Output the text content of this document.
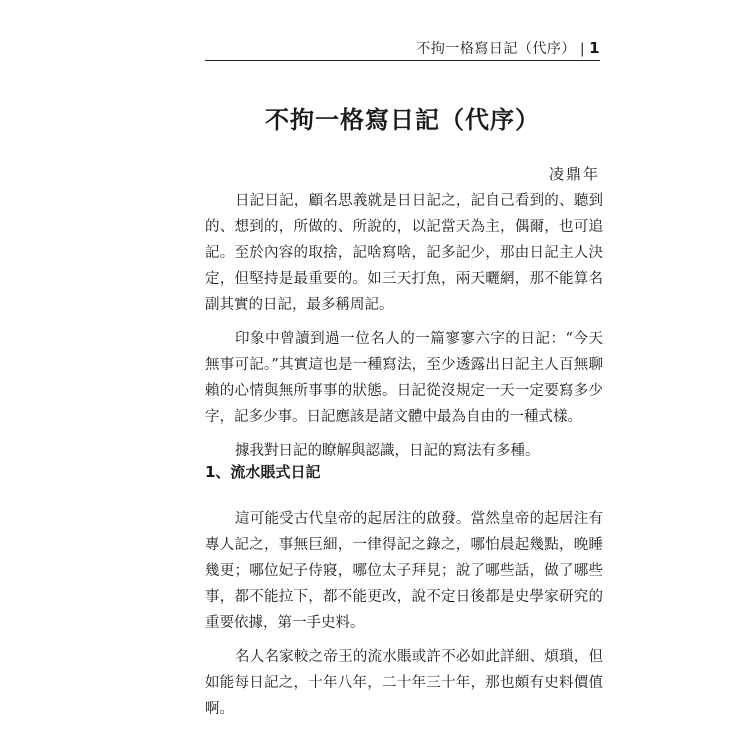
不拘一格寫日記（代序） | 1
不拘一格寫日記（代序）
凌鼎年

日記日記，顧名思義就是日日記之，記自己看到的、聽到的、想到的，所做的、所說的，以記當天為主，偶爾，也可追記。至於內容的取捨，記啥寫啥，記多記少，那由日記主人決定，但堅持是最重要的。如三天打魚，兩天曬網，那不能算名副其實的日記，最多稱周記。

印象中曾讀到過一位名人的一篇寥寥六字的日記：“今天無事可記。”其實這也是一種寫法，至少透露出日記主人百無聊賴的心情與無所事事的狀態。日記從沒規定一天一定要寫多少字，記多少事。日記應該是諸文體中最為自由的一種式樣。

據我對日記的瞭解與認識，日記的寫法有多種。

1、流水賬式日記

這可能受古代皇帝的起居注的啟發。當然皇帝的起居注有專人記之，事無巨細，一律得記之錄之，哪怕晨起幾點，晚睡幾更；哪位妃子侍寢，哪位太子拜見；說了哪些話，做了哪些事，都不能拉下，都不能更改，說不定日後都是史學家研究的重要依據，第一手史料。

名人名家較之帝王的流水賬或許不必如此詳細、煩瑣，但如能每日記之，十年八年，二十年三十年，那也頗有史料價值啊。
